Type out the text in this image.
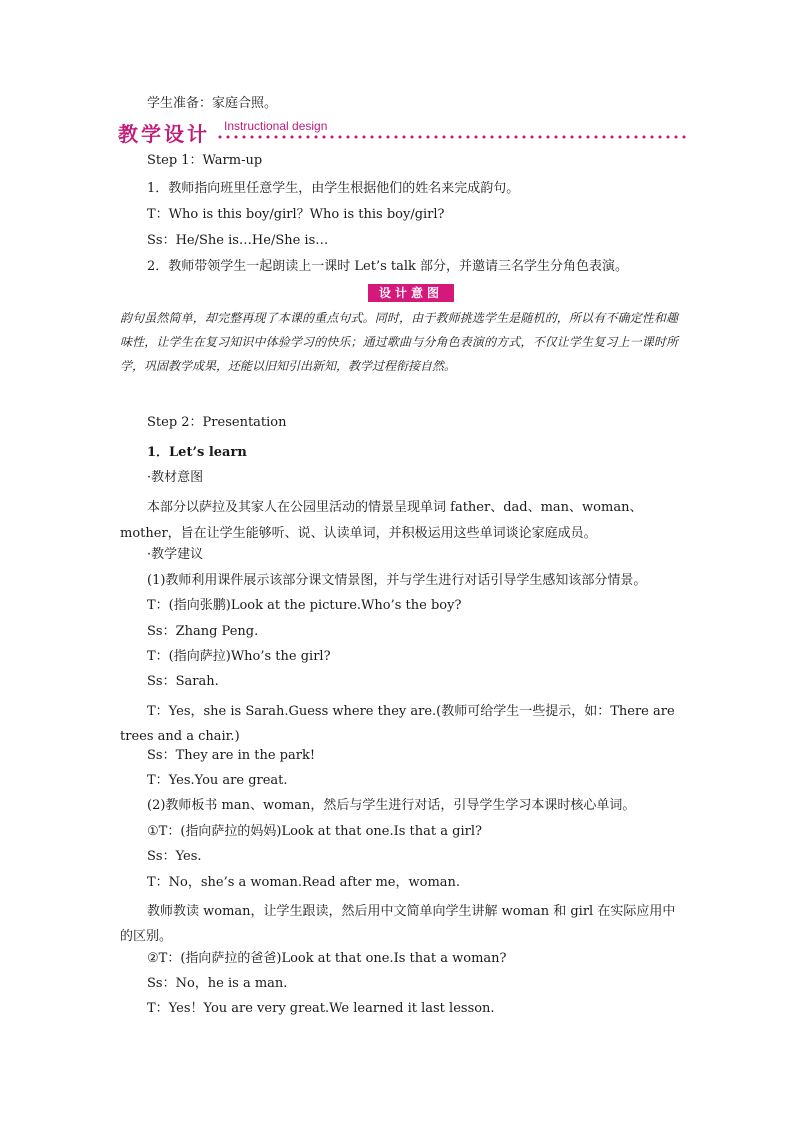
学生准备：家庭合照。
教学设计 Instructional design
Step 1：Warm-up
1．教师指向班里任意学生，由学生根据他们的姓名来完成韵句。
T：Who is this boy/girl？Who is this boy/girl?
Ss：He/She is…He/She is…
2．教师带领学生一起朗读上一课时 Let’s talk 部分，并邀请三名学生分角色表演。
设计意图
韵句虽然简单，却完整再现了本课的重点句式。同时，由于教师挑选学生是随机的，所以有不确定性和趣味性，让学生在复习知识中体验学习的快乐；通过歌曲与分角色表演的方式，不仅让学生复习上一课时所学，巩固教学成果，还能以旧知引出新知，教学过程衔接自然。
Step 2：Presentation
1．Let’s learn
·教材意图
本部分以萨拉及其家人在公园里活动的情景呈现单词 father、dad、man、woman、mother，旨在让学生能够听、说、认读单词，并积极运用这些单词谈论家庭成员。
·教学建议
(1)教师利用课件展示该部分课文情景图，并与学生进行对话引导学生感知该部分情景。
T：(指向张鹏)Look at the picture.Who’s the boy?
Ss：Zhang Peng.
T：(指向萨拉)Who’s the girl?
Ss：Sarah.
T：Yes，she is Sarah.Guess where they are.(教师可给学生一些提示，如：There are trees and a chair.)
Ss：They are in the park!
T：Yes.You are great.
(2)教师板书 man、woman，然后与学生进行对话，引导学生学习本课时核心单词。
①T：(指向萨拉的妈妈)Look at that one.Is that a girl?
Ss：Yes.
T：No，she’s a woman.Read after me，woman.
教师教读 woman，让学生跟读，然后用中文简单向学生讲解 woman 和 girl 在实际应用中的区别。
②T：(指向萨拉的爸爸)Look at that one.Is that a woman?
Ss：No，he is a man.
T：Yes！You are very great.We learned it last lesson.
